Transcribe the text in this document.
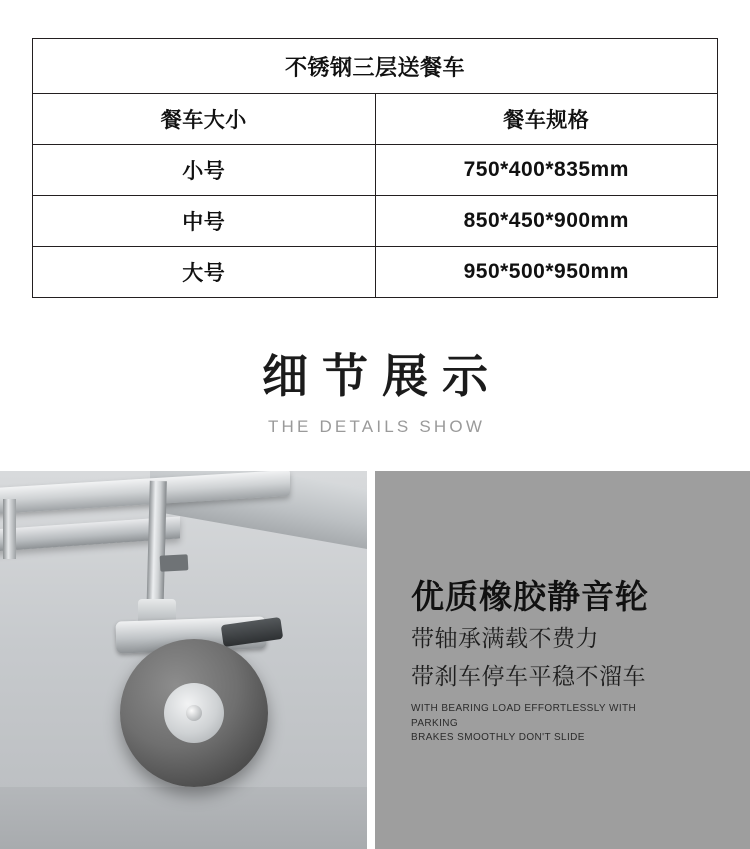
不锈钢三层送餐车	
餐车大小	餐车规格
小号	750*400*835mm
中号	850*450*900mm
大号	950*500*950mm
细节展示
THE DETAILS SHOW
优质橡胶静音轮
带轴承满载不费力
带刹车停车平稳不溜车
WITH BEARING LOAD EFFORTLESSLY WITH PARKING
BRAKES SMOOTHLY DON'T SLIDE
